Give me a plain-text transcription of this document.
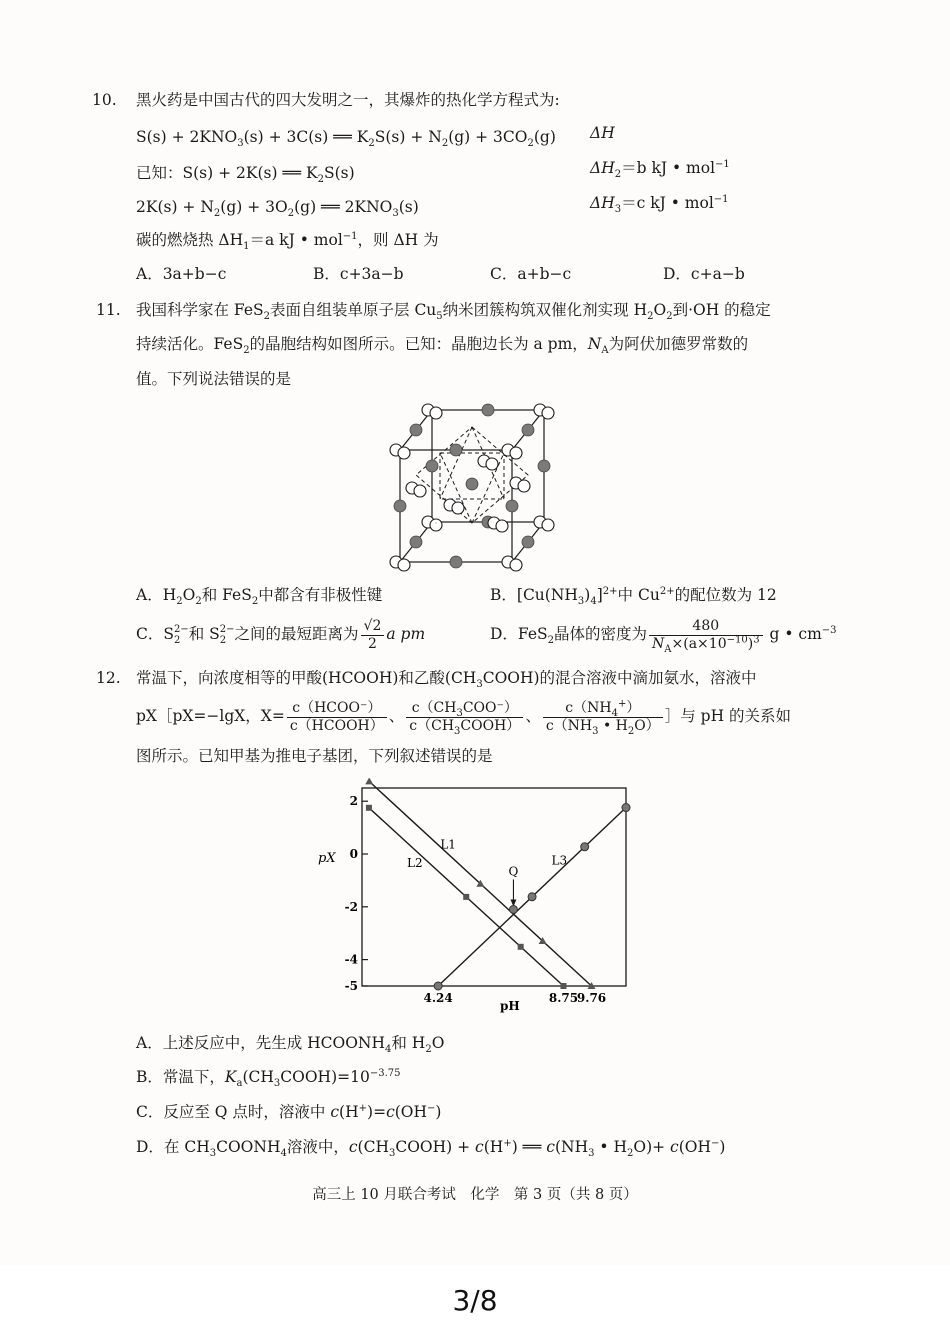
10. 黑火药是中国古代的四大发明之一，其爆炸的热化学方程式为:
$S(s) + 2KNO_3(s) + 3C(s)$ ══ $K_2S(s) + N_2(g) + 3CO_2(g)$ ΔH
已知：S(s) + 2K(s) ══ $K_2S(s)$	$\Delta H_2=b$ kJ • mol$^{-1}$
$2K(s) + N_2(g) + 3O_2(g)$ ══ $2KNO_3(s)$	$\Delta H_3=c$ kJ • mol$^{-1}$
碳的燃烧热 $\Delta H_1=a$ kJ • mol$^{-1}$，则 ΔH 为
A．3a+b−c	B．c+3a−b	C．a+b−c	D．c+a−b
11. 我国科学家在 FeS$_2$表面自组装单原子层 $Cu_5$纳米团簇构筑双催化剂实现 $H_2O_2$到·OH 的稳定
持续活化。FeS$_2$的晶胞结构如图所示。已知：晶胞边长为 a pm，$N_A$为阿伏加德罗常数的
值。下列说法错误的是
A．$H_2O_2$和 FeS$_2$中都含有非极性键	B．$[Cu(NH_3)_4]^{2+}$中 $Cu^{2+}$的配位数为 12
C．S 2−
2 和 S 2−
2 之间的最短距离为 $\frac{√2}{2}$ a pm	D．FeS$_2$晶体的密度为 $\frac{480}{N_A\times(a\times 10^{-10})^3}$ g • $cm^{-3}$
12. 常温下，向浓度相等的甲酸(HCOOH)和乙酸$(CH_3COOH)$的混合溶液中滴加氨水，溶液中
pX［pX=−lgX，$X= \frac{\text{c（HCOO⁻）}}{\text{c（HCOOH）}}$ 、 $\frac{c(CH_3COO^-)}{c(CH_3COOH)}$ 、 $\frac{c(NH_4^+)}{c(NH_3 • H_2O)}$ ］与 pH 的关系如
图所示。已知甲基为推电子基团，下列叙述错误的是
2
0
-2
-4
-5
4.24	8.75
9.76
pX
pH
Q
L1
L2	L3
A．上述反应中，先生成 $HCOONH_4$和 $H_2O$
B．常温下，$K_a(CH_3COOH)=10^{-3.75}$
C．反应至 Q 点时，溶液中 c(H+)=c(OH−)
D．在 $CH_3COONH_4$溶液中，$c(CH_3COOH) + c(H^+)$ ══ $c(NH_3$ • $H_2O)+ c(OH^-)$
高三上 10 月联合考试　化学　第 3 页（共 8 页）
3/8
